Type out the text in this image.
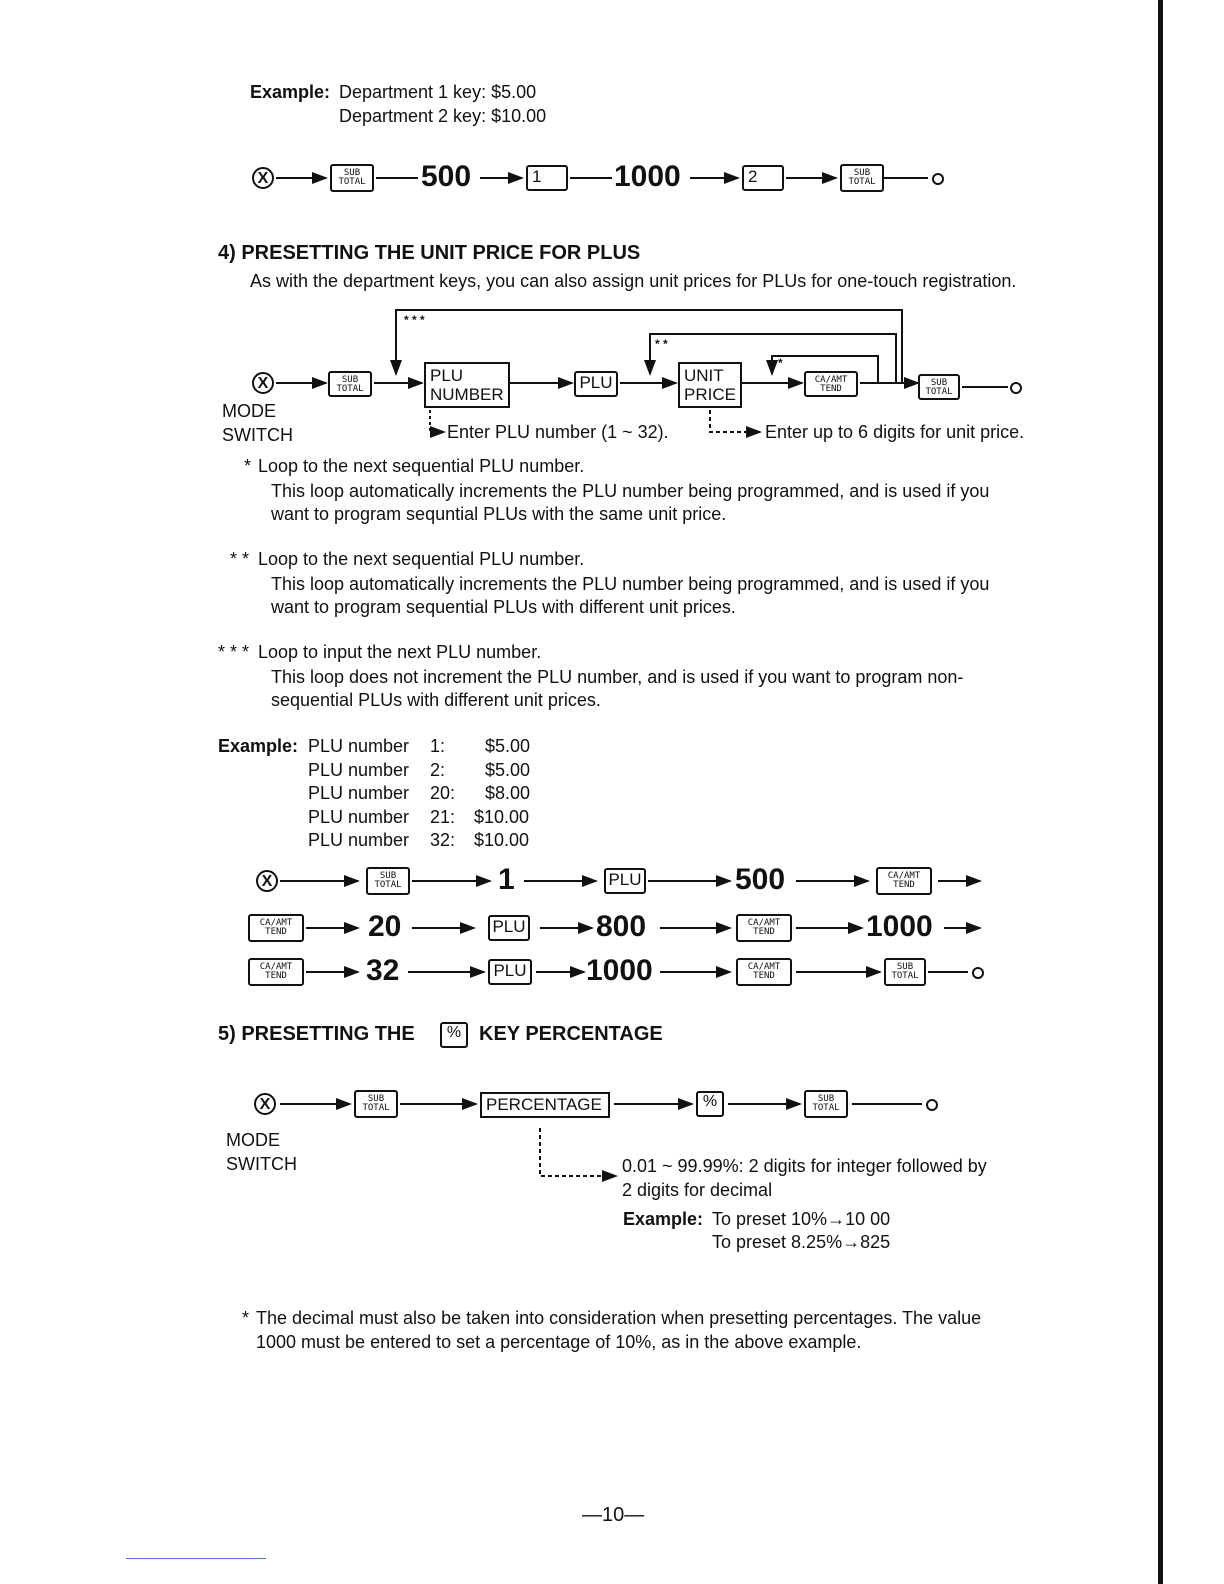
Example: Department 1 key: $5.00
Department 2 key: $10.00
X	SUB
TOTAL 500	1	1000	2	SUB
TOTAL
4) PRESETTING THE UNIT PRICE FOR PLUS
As with the department keys, you can also assign unit prices for PLUs for one-touch registration.
* * *
* *
*
X	SUB
TOTAL
PLU
NUMBER
PLU	UNIT
PRICE
CA/AMT
TEND
SUB
TOTAL
MODE
SWITCH	Enter PLU number (1 ~ 32).	Enter up to 6 digits for unit price.
* Loop to the next sequential PLU number.
This loop automatically increments the PLU number being programmed, and is used if you
want to program sequntial PLUs with the same unit price.
* * Loop to the next sequential PLU number.
This loop automatically increments the PLU number being programmed, and is used if you
want to program sequential PLUs with different unit prices.
* * * Loop to input the next PLU number.
This loop does not increment the PLU number, and is used if you want to program non-
sequential PLUs with different unit prices.
Example: PLU number 1: $5.00
PLU number 2: $5.00
PLU number 20: $8.00
PLU number 21: $10.00
PLU number 32: $10.00
X	SUB
TOTAL	1	PLU	500	CA/AMT
TEND
CA/AMT
TEND	20	PLU 800	CA/AMT
TEND	1000
CA/AMT
TEND	32	PLU 1000	CA/AMT
TEND
SUB
TOTAL
5) PRESETTING THE	% KEY PERCENTAGE
X	SUB
TOTAL	PERCENTAGE	%	SUB
TOTAL
MODE
SWITCH	0.01 ~ 99.99%: 2 digits for integer followed by
2 digits for decimal
Example: To preset 10%→10 00
To preset 8.25%→825
* The decimal must also be taken into consideration when presetting percentages. The value
1000 must be entered to set a percentage of 10%, as in the above example.
—10—
